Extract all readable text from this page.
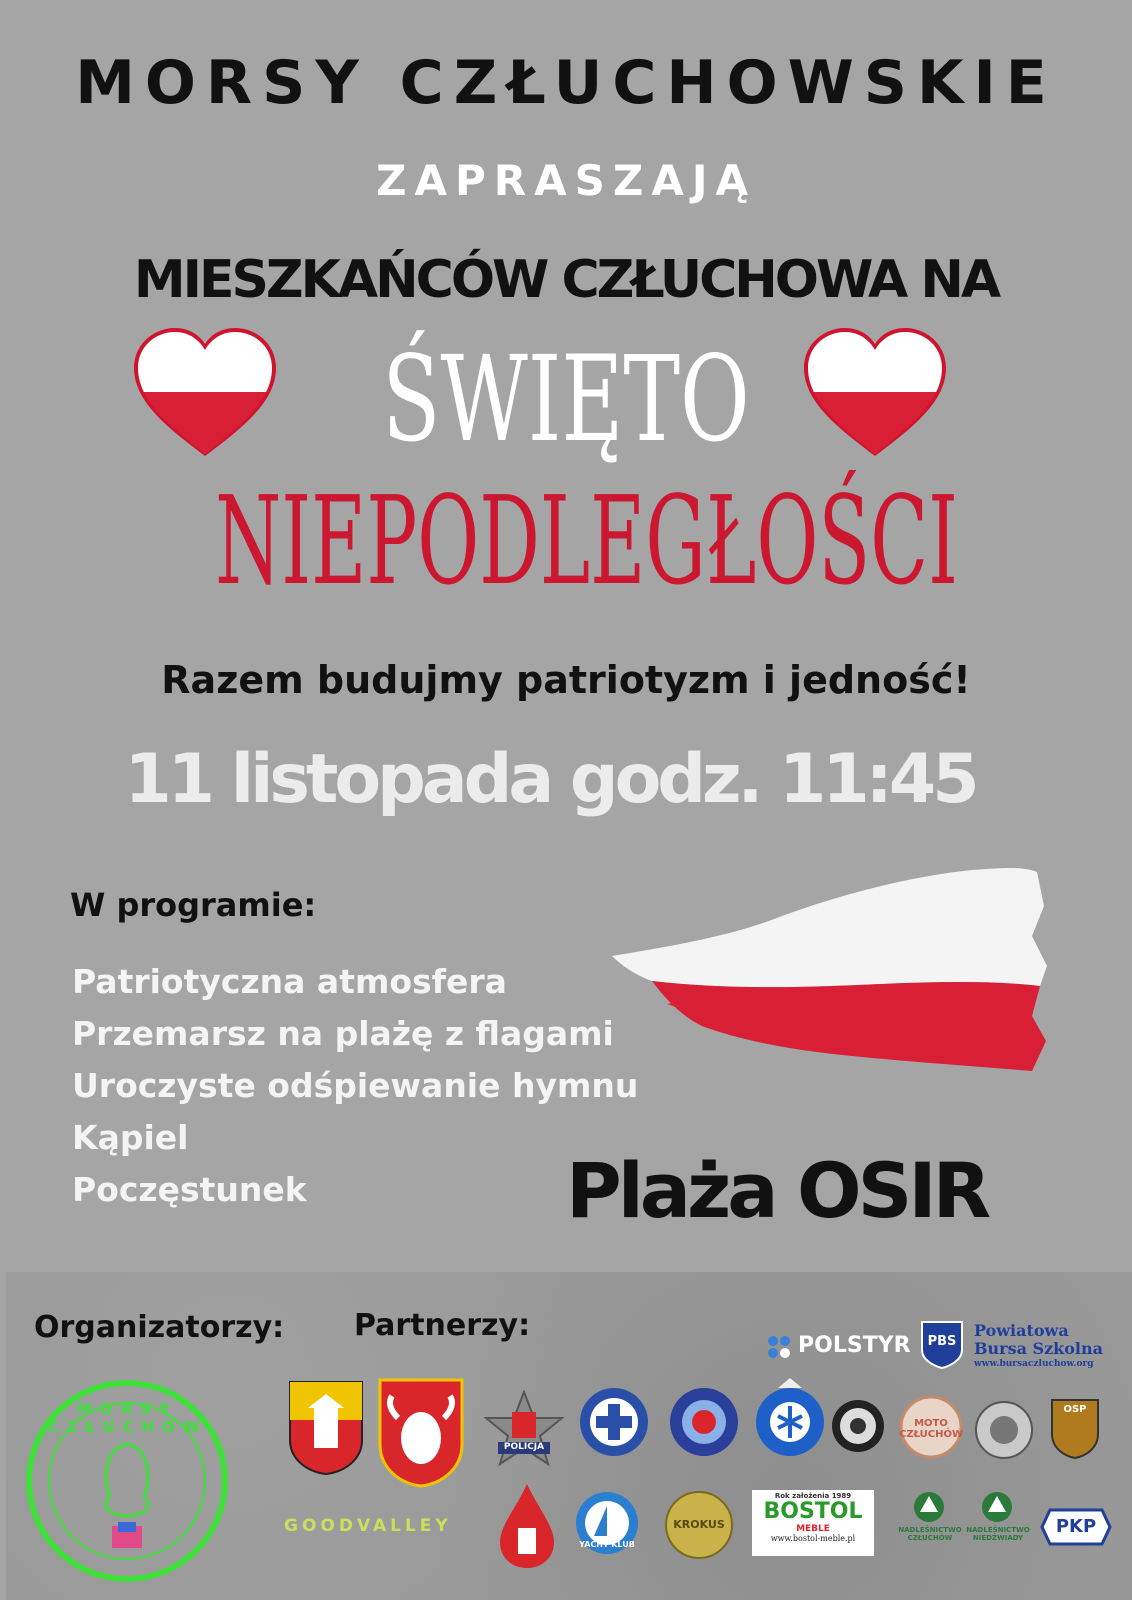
MORSY CZŁUCHOWSKIE
ZAPRASZAJĄ
MIESZKAŃCÓW CZŁUCHOWA NA
ŚWIĘTO
NIEPODLEGŁOŚCI
Razem budujmy patriotyzm i jedność!
11 listopada godz. 11:45
W programie:
Patriotyczna atmosfera
Przemarsz na plażę z flagami
Uroczyste odśpiewanie hymnu
Kąpiel
Poczęstunek	Plaża OSIR
Organizatorzy: Partnerzy:
MORSY CZŁUCHÓW
POLSTYR	PBS
Powiatowa
Bursa Szkolna
www.bursaczluchow.org
POLICJA
MOTO CZŁUCHÓW
OSP
GOODVALLEY
YACHT KLUB
KROKUS
Rok założenia 1989
BOSTOL
MEBLE
www.bostol-meble.pl
NADLEŚNICTWO CZŁUCHÓW
NADLEŚNICTWO NIEDŹWIADY
PKP
